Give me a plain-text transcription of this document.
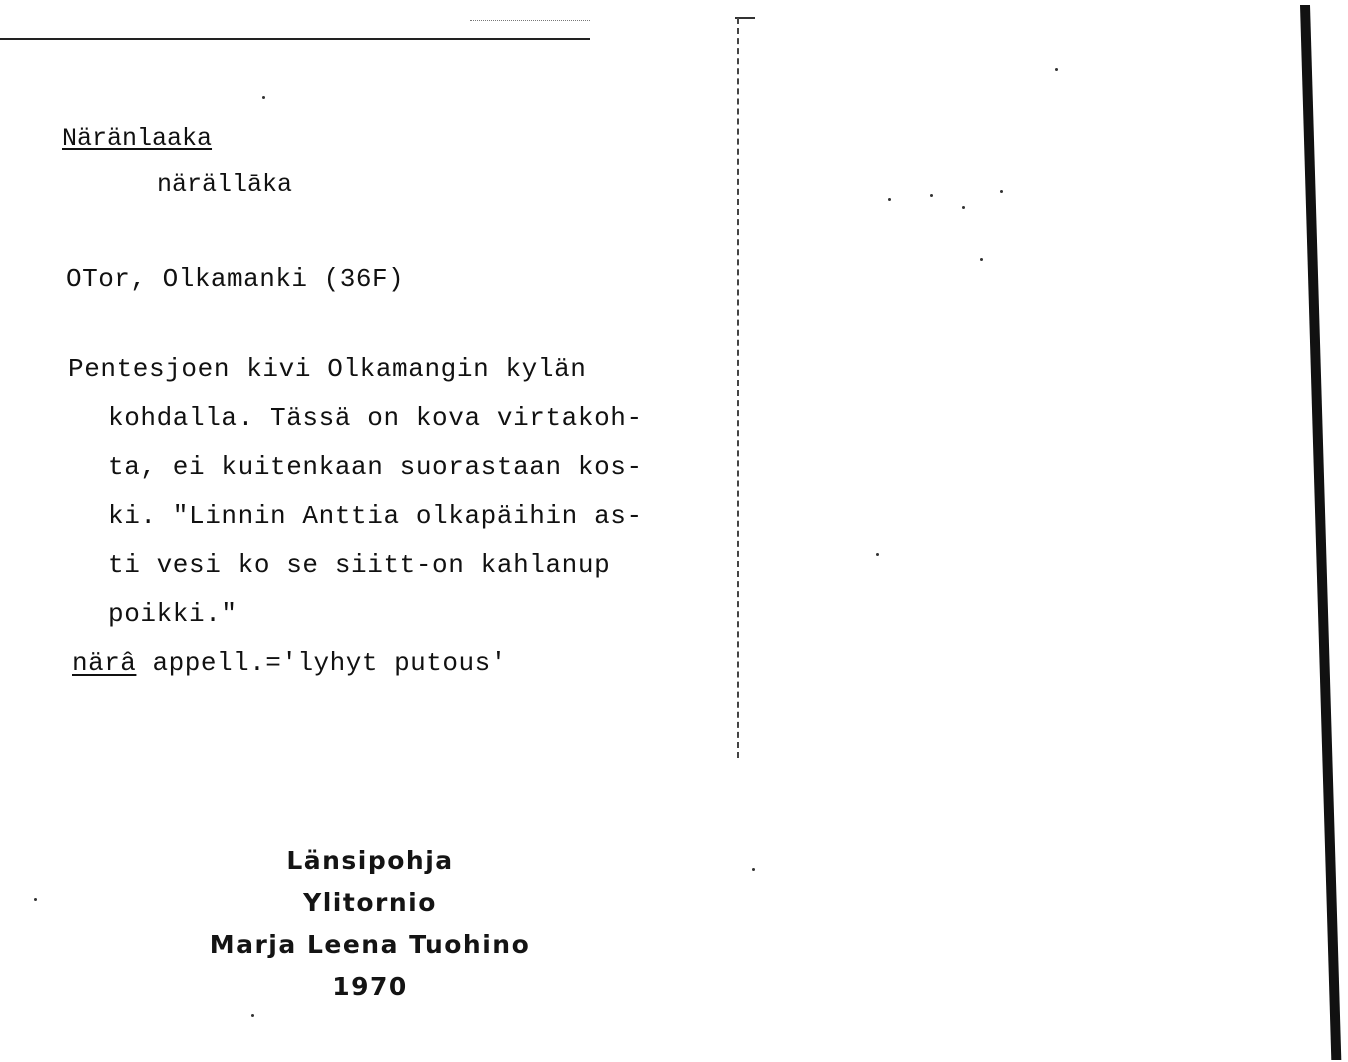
Näränlaaka
närällāka
OTor, Olkamanki (36F)
Pentesjoen kivi Olkamangin kylän
kohdalla. Tässä on kova virtakoh-
ta, ei kuitenkaan suorastaan kos-
ki. "Linnin Anttia olkapäihin as-
ti vesi ko se siitt-on kahlanup
poikki."
närâ appell.='lyhyt putous'
Länsipohja
Ylitornio
Marja Leena Tuohino
1970
